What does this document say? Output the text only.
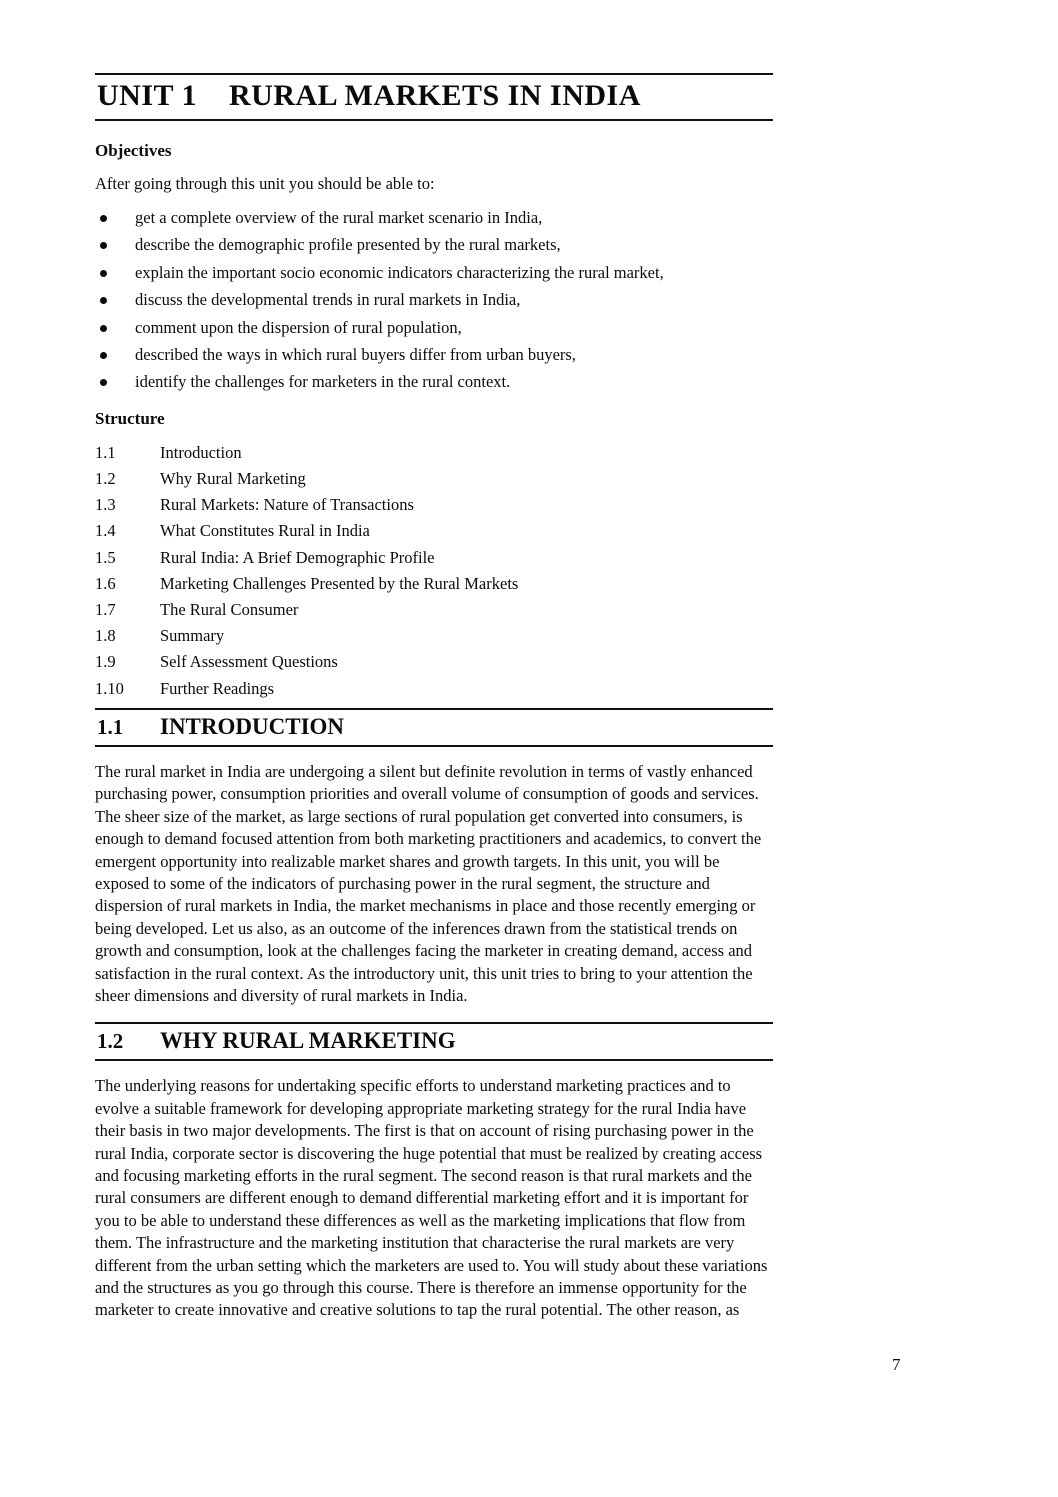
UNIT 1 RURAL MARKETS IN INDIA

Objectives

After going through this unit you should be able to:

get a complete overview of the rural market scenario in India,
describe the demographic profile presented by the rural markets,
explain the important socio economic indicators characterizing the rural market,
discuss the developmental trends in rural markets in India,
comment upon the dispersion of rural population,
described the ways in which rural buyers differ from urban buyers,
identify the challenges for marketers in the rural context.

Structure

1.1	Introduction
1.2	Why Rural Marketing
1.3	Rural Markets: Nature of Transactions
1.4	What Constitutes Rural in India
1.5	Rural India: A Brief Demographic Profile
1.6	Marketing Challenges Presented by the Rural Markets
1.7	The Rural Consumer
1.8	Summary
1.9	Self Assessment Questions
1.10	Further Readings
1.1	INTRODUCTION

The rural market in India are undergoing a silent but definite revolution in terms of vastly enhanced purchasing power, consumption priorities and overall volume of consumption of goods and services. The sheer size of the market, as large sections of rural population get converted into consumers, is enough to demand focused attention from both marketing practitioners and academics, to convert the emergent opportunity into realizable market shares and growth targets. In this unit, you will be exposed to some of the indicators of purchasing power in the rural segment, the structure and dispersion of rural markets in India, the market mechanisms in place and those recently emerging or being developed. Let us also, as an outcome of the inferences drawn from the statistical trends on growth and consumption, look at the challenges facing the marketer in creating demand, access and satisfaction in the rural context. As the introductory unit, this unit tries to bring to your attention the sheer dimensions and diversity of rural markets in India.

1.2	WHY RURAL MARKETING

The underlying reasons for undertaking specific efforts to understand marketing practices and to evolve a suitable framework for developing appropriate marketing strategy for the rural India have their basis in two major developments. The first is that on account of rising purchasing power in the rural India, corporate sector is discovering the huge potential that must be realized by creating access and focusing marketing efforts in the rural segment. The second reason is that rural markets and the rural consumers are different enough to demand differential marketing effort and it is important for you to be able to understand these differences as well as the marketing implications that flow from them. The infrastructure and the marketing institution that characterise the rural markets are very different from the urban setting which the marketers are used to. You will study about these variations and the structures as you go through this course. There is therefore an immense opportunity for the marketer to create innovative and creative solutions to tap the rural potential. The other reason, as

7
